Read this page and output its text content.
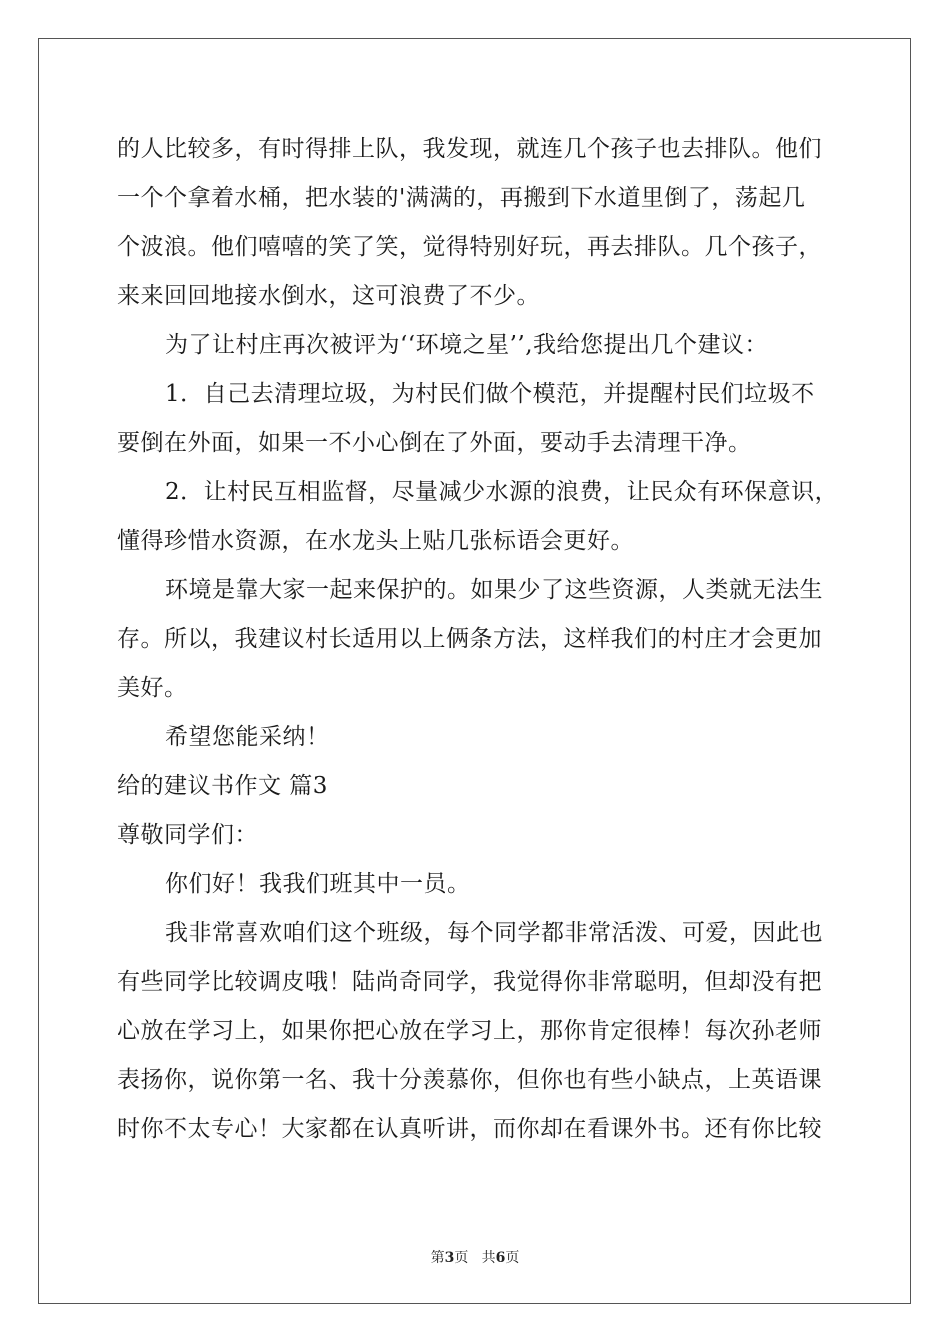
的人比较多，有时得排上队，我发现，就连几个孩子也去排队。他们
一个个拿着水桶，把水装的'满满的，再搬到下水道里倒了，荡起几
个波浪。他们嘻嘻的笑了笑，觉得特别好玩，再去排队。几个孩子，
来来回回地接水倒水，这可浪费了不少。
为了让村庄再次被评为‘‘环境之星’’,我给您提出几个建议：
1．自己去清理垃圾，为村民们做个模范，并提醒村民们垃圾不
要倒在外面，如果一不小心倒在了外面，要动手去清理干净。
2．让村民互相监督，尽量减少水源的浪费，让民众有环保意识，
懂得珍惜水资源，在水龙头上贴几张标语会更好。
环境是靠大家一起来保护的。如果少了这些资源，人类就无法生
存。所以，我建议村长适用以上俩条方法，这样我们的村庄才会更加
美好。
希望您能采纳！
给的建议书作文 篇3
尊敬同学们：
你们好！我我们班其中一员。
我非常喜欢咱们这个班级，每个同学都非常活泼、可爱，因此也
有些同学比较调皮哦！陆尚奇同学，我觉得你非常聪明，但却没有把
心放在学习上，如果你把心放在学习上，那你肯定很棒！每次孙老师
表扬你，说你第一名、我十分羡慕你，但你也有些小缺点，上英语课
时你不太专心！大家都在认真听讲，而你却在看课外书。还有你比较
第3页 共6页
